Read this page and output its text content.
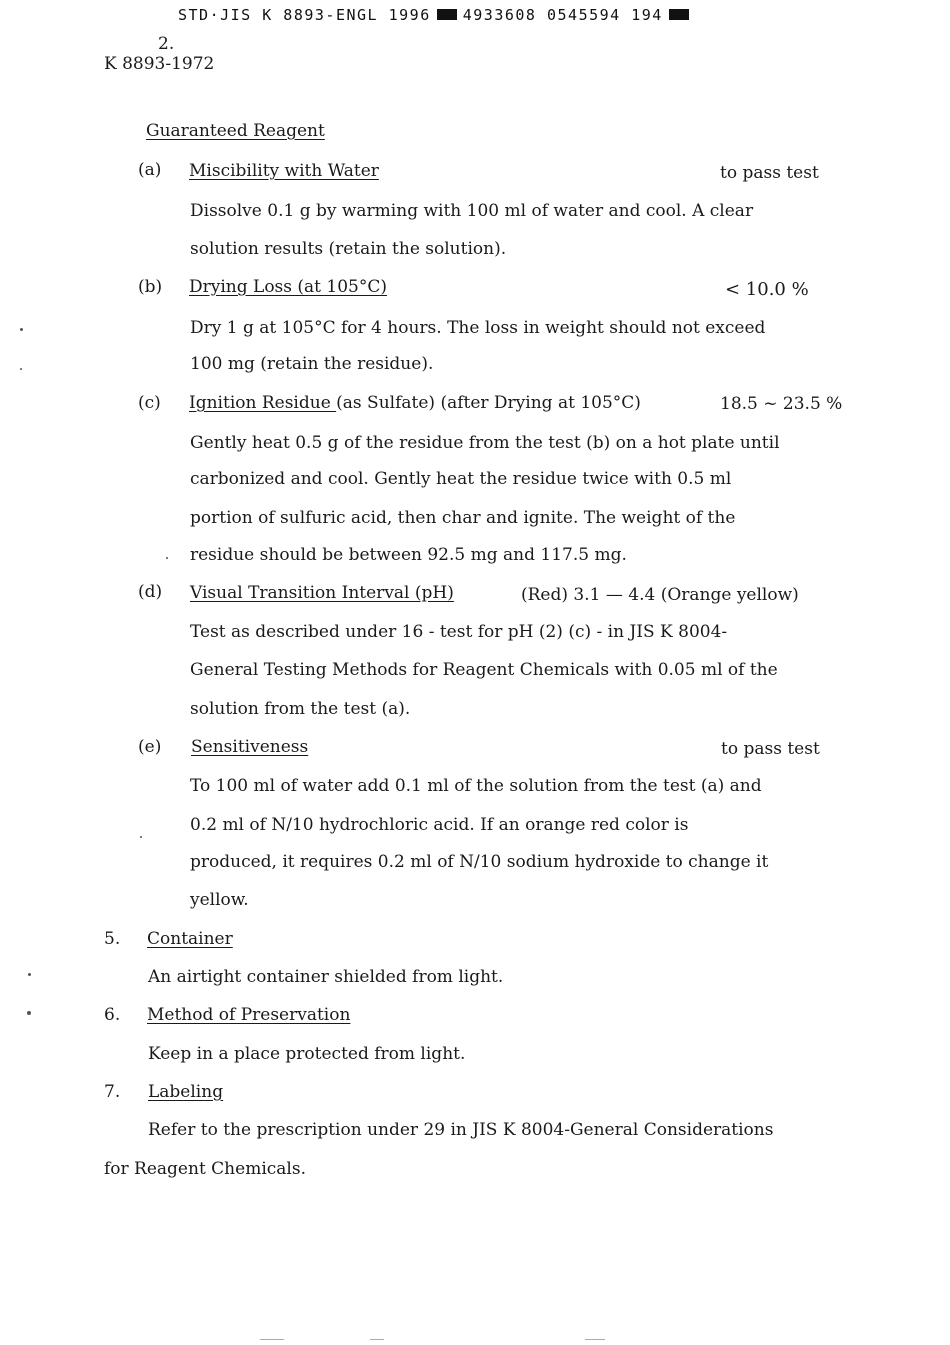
STD·JIS K 8893-ENGL 1996 4933608 0545594 194
2.
K 8893-1972
Guaranteed Reagent
(a) Miscibility with Water	to pass test
Dissolve 0.1 g by warming with 100 ml of water and cool. A clear
solution results (retain the solution).
(b) Drying Loss (at 105°C)	< 10.0 %
Dry 1 g at 105°C for 4 hours. The loss in weight should not exceed
100 mg (retain the residue).
(c) Ignition Residue (as Sulfate) (after Drying at 105°C)	18.5 ~ 23.5 %
Gently heat 0.5 g of the residue from the test (b) on a hot plate until
carbonized and cool. Gently heat the residue twice with 0.5 ml
portion of sulfuric acid, then char and ignite. The weight of the
residue should be between 92.5 mg and 117.5 mg.
(d) Visual Transition Interval (pH)	(Red) 3.1 — 4.4 (Orange yellow)
Test as described under 16 - test for pH (2) (c) - in JIS K 8004-
General Testing Methods for Reagent Chemicals with 0.05 ml of the
solution from the test (a).
(e) Sensitiveness	to pass test
To 100 ml of water add 0.1 ml of the solution from the test (a) and
0.2 ml of N/10 hydrochloric acid. If an orange red color is
produced, it requires 0.2 ml of N/10 sodium hydroxide to change it
yellow.
5. Container
An airtight container shielded from light.
6. Method of Preservation
Keep in a place protected from light.
7. Labeling
Refer to the prescription under 29 in JIS K 8004-General Considerations
for Reagent Chemicals.
